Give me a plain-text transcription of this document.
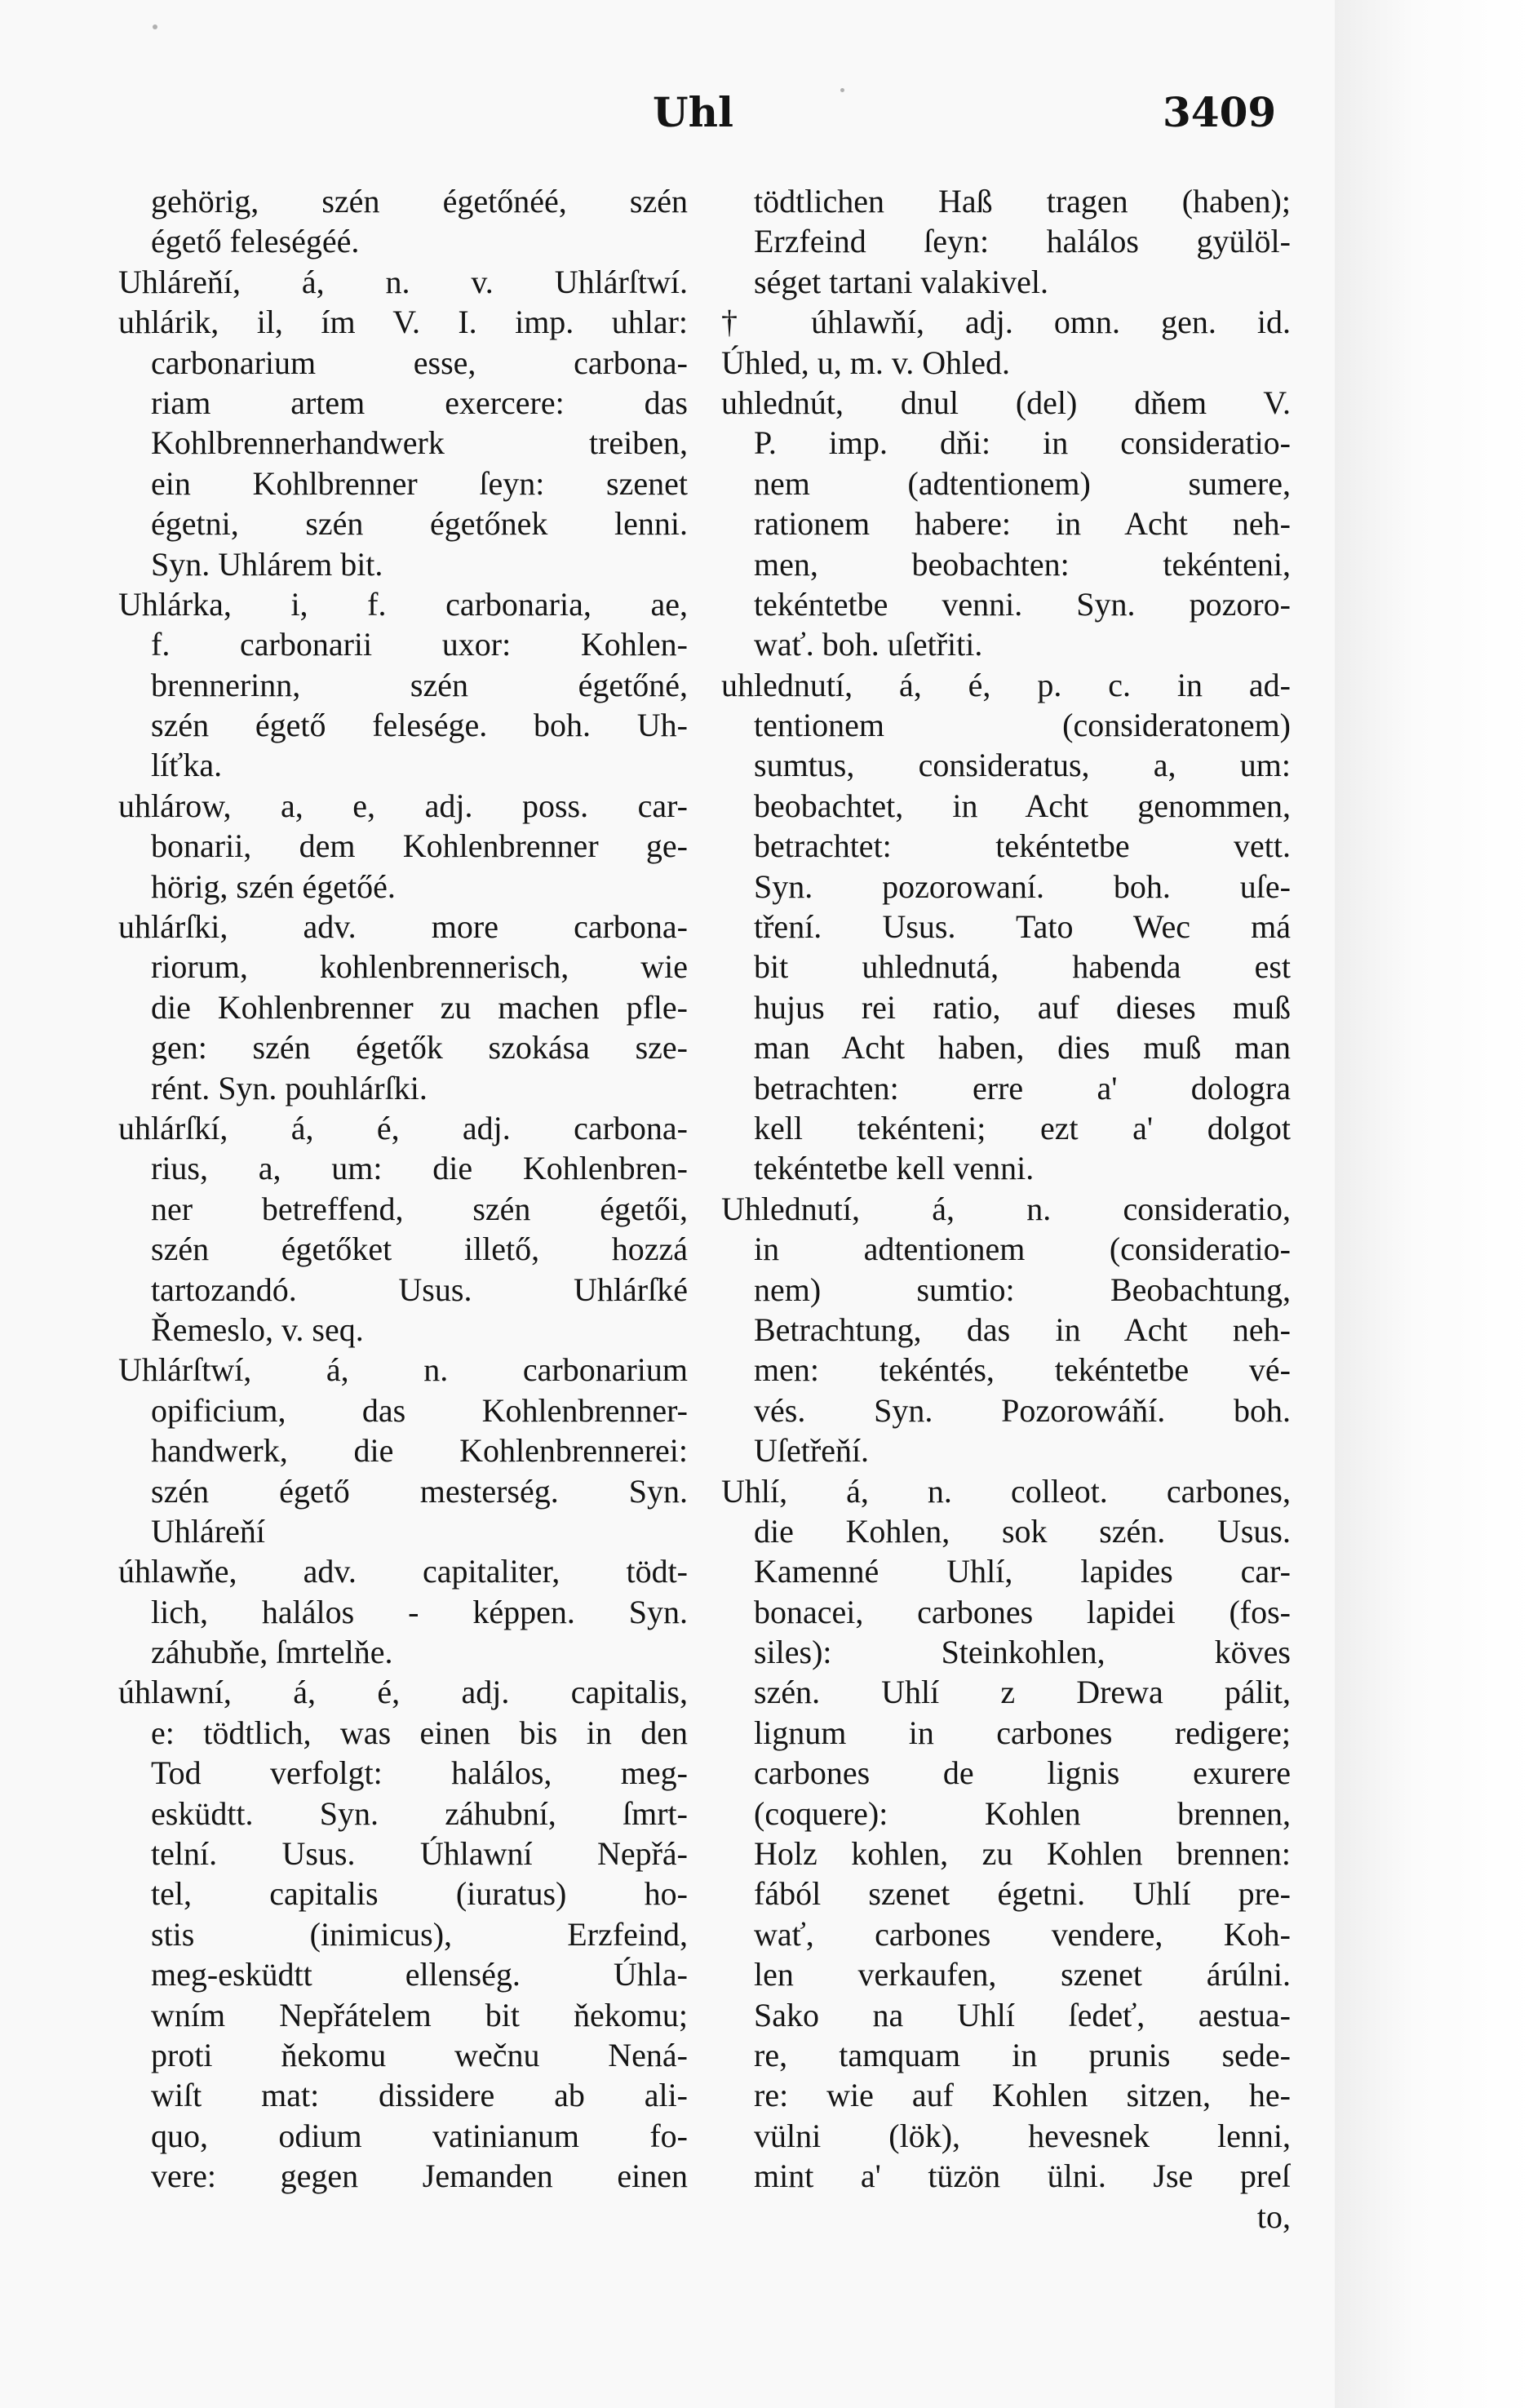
Uhl	3409
gehörig, szén égetőnéé, szén
égető feleségéé.
Uhláreňí, á, n. v. Uhlárſtwí.
uhlárik, il, ím V. I. imp. uhlar:
carbonarium esse, carbona-
riam artem exercere: das
Kohlbrennerhandwerk treiben,
ein Kohlbrenner ſeyn: szenet
égetni, szén égetőnek lenni.
Syn. Uhlárem bit.
Uhlárka, i, f. carbonaria, ae,
f. carbonarii uxor: Kohlen-
brennerinn, szén égetőné,
szén égető felesége. boh. Uh-
líťka.
uhlárow, a, e, adj. poss. car-
bonarii, dem Kohlenbrenner ge-
hörig, szén égetőé.
uhlárſki, adv. more carbona-
riorum, kohlenbrennerisch, wie
die Kohlenbrenner zu machen pfle-
gen: szén égetők szokása sze-
rént. Syn. pouhlárſki.
uhlárſkí, á, é, adj. carbona-
rius, a, um: die Kohlenbren-
ner betreffend, szén égetői,
szén égetőket illető, hozzá
tartozandó. Usus. Uhlárſké
Řemeslo, v. seq.
Uhlárſtwí, á, n. carbonarium
opificium, das Kohlenbrenner-
handwerk, die Kohlenbrennerei:
szén égető mesterség. Syn.
Uhláreňí
úhlawňe, adv. capitaliter, tödt-
lich, halálos - képpen. Syn.
záhubňe, ſmrtelňe.
úhlawní, á, é, adj. capitalis,
e: tödtlich, was einen bis in den
Tod verfolgt: halálos, meg-
esküdtt. Syn. záhubní, ſmrt-
telní. Usus. Úhlawní Nepřá-
tel, capitalis (iuratus) ho-
stis (inimicus), Erzfeind,
meg-esküdtt ellenség. Úhla-
wním Nepřátelem bit ňekomu;
proti ňekomu wečnu Nená-
wiſt mat: dissidere ab ali-
quo, odium vatinianum fo-
vere: gegen Jemanden einen
tödtlichen Haß tragen (haben);
Erzfeind ſeyn: halálos gyülöl-
séget tartani valakivel.
† úhlawňí, adj. omn. gen. id.
Úhled, u, m. v. Ohled.
uhlednút, dnul (del) dňem V.
P. imp. dňi: in consideratio-
nem (adtentionem) sumere,
rationem habere: in Acht neh-
men, beobachten: tekénteni,
tekéntetbe venni. Syn. pozoro-
wať. boh. uſetřiti.
uhlednutí, á, é, p. c. in ad-
tentionem (consideratonem)
sumtus, consideratus, a, um:
beobachtet, in Acht genommen,
betrachtet: tekéntetbe vett.
Syn. pozorowaní. boh. uſe-
tření. Usus. Tato Wec má
bit uhlednutá, habenda est
hujus rei ratio, auf dieses muß
man Acht haben, dies muß man
betrachten: erre a' dologra
kell tekénteni; ezt a' dolgot
tekéntetbe kell venni.
Uhlednutí, á, n. consideratio,
in adtentionem (consideratio-
nem) sumtio: Beobachtung,
Betrachtung, das in Acht neh-
men: tekéntés, tekéntetbe vé-
vés. Syn. Pozorowáňí. boh.
Uſetřeňí.
Uhlí, á, n. colleot. carbones,
die Kohlen, sok szén. Usus.
Kamenné Uhlí, lapides car-
bonacei, carbones lapidei (fos-
siles): Steinkohlen, köves
szén. Uhlí z Drewa pálit,
lignum in carbones redigere;
carbones de lignis exurere
(coquere): Kohlen brennen,
Holz kohlen, zu Kohlen brennen:
fából szenet égetni. Uhlí pre-
wať, carbones vendere, Koh-
len verkaufen, szenet árúlni.
Sako na Uhlí ſedeť, aestua-
re, tamquam in prunis sede-
re: wie auf Kohlen sitzen, he-
vülni (lök), hevesnek lenni,
mint a' tüzön ülni. Jse preſ
to,
